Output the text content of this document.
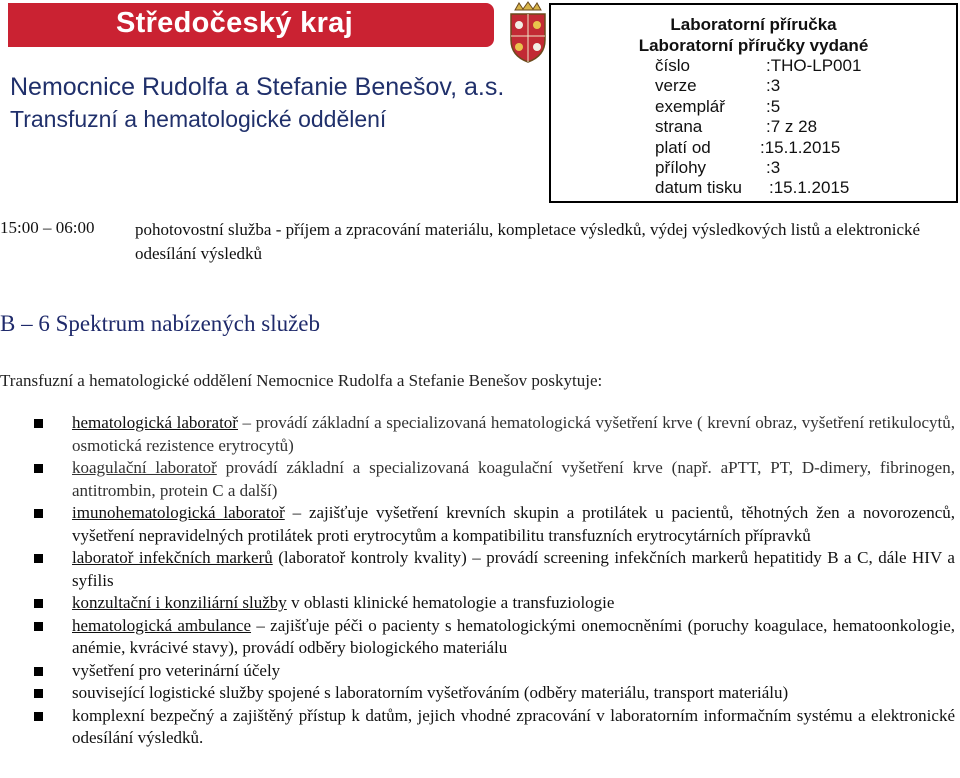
Středočeský kraj
Nemocnice Rudolfa a Stefanie Benešov, a.s.
Transfuzní a hematologické oddělení
Laboratorní příručka
Laboratorní příručky vydané
číslo	:THO-LP001
verze	:3
exemplář :5
strana	:7 z 28
platí od	:15.1.2015
přílohy	:3
datum tisku :15.1.2015
15:00 – 06:00 pohotovostní služba - příjem a zpracování materiálu, kompletace výsledků, výdej výsledkových listů a elektronické odesílání výsledků
B – 6 Spektrum nabízených služeb
Transfuzní a hematologické oddělení Nemocnice Rudolfa a Stefanie Benešov poskytuje:
hematologická laboratoř – provádí základní a specializovaná hematologická vyšetření krve ( krevní obraz, vyšetření retikulocytů, osmotická rezistence erytrocytů)
koagulační laboratoř provádí základní a specializovaná koagulační vyšetření krve (např. aPTT, PT, D-dimery, fibrinogen, antitrombin, protein C a další)
imunohematologická laboratoř – zajišťuje vyšetření krevních skupin a protilátek u pacientů, těhotných žen a novorozenců, vyšetření nepravidelných protilátek proti erytrocytům a kompatibilitu transfuzních erytrocytárních přípravků
laboratoř infekčních markerů (laboratoř kontroly kvality) – provádí screening infekčních markerů hepatitidy B a C, dále HIV a syfilis
konzultační i konziliární služby v oblasti klinické hematologie a transfuziologie
hematologická ambulance – zajišťuje péči o pacienty s hematologickými onemocněními (poruchy koagulace, hematoonkologie, anémie, kvrácivé stavy), provádí odběry biologického materiálu
vyšetření pro veterinární účely
související logistické služby spojené s laboratorním vyšetřováním (odběry materiálu, transport materiálu)
komplexní bezpečný a zajištěný přístup k datům, jejich vhodné zpracování v laboratorním informačním systému a elektronické odesílání výsledků.
